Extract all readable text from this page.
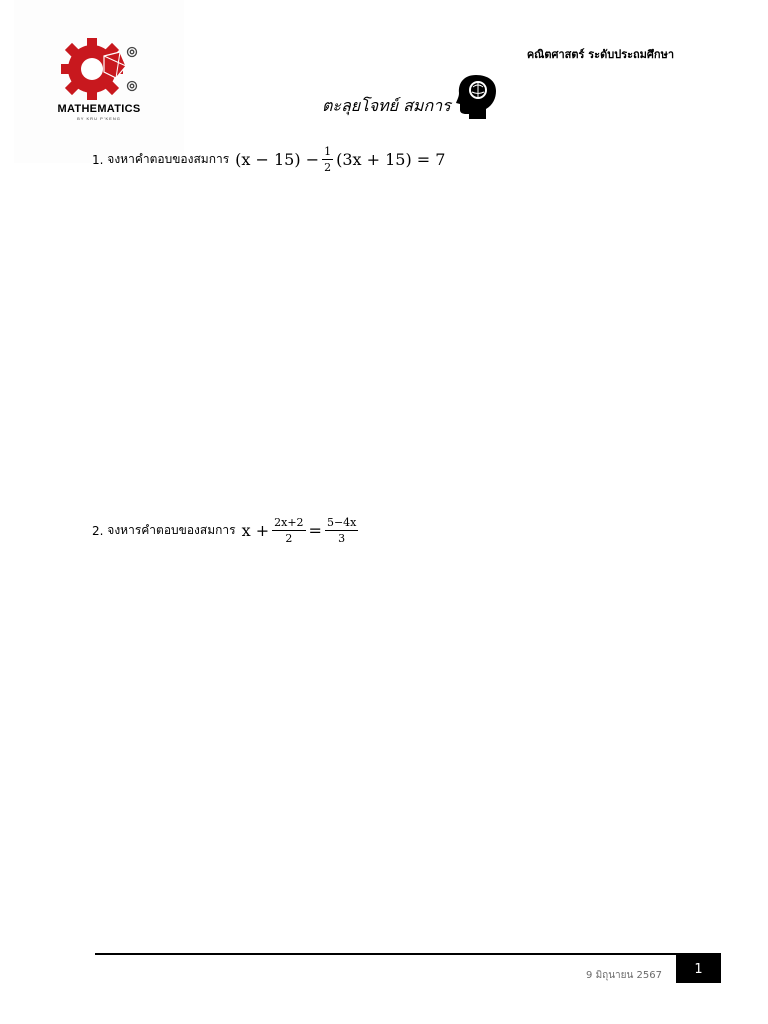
MATHEMATICS
BY KRU P'KENG
คณิตศาสตร์ ระดับประถมศึกษา
ตะลุยโจทย์ สมการ
1.
จงหาคำตอบของสมการ $(x - 15) - \frac{1}{2} (3x + 15) = 7$
2.
จงหารคำตอบของสมการ $x + \frac{2x+2}{2} = \frac{5-4x}{3}$
9 มิถุนายน 2567	1
